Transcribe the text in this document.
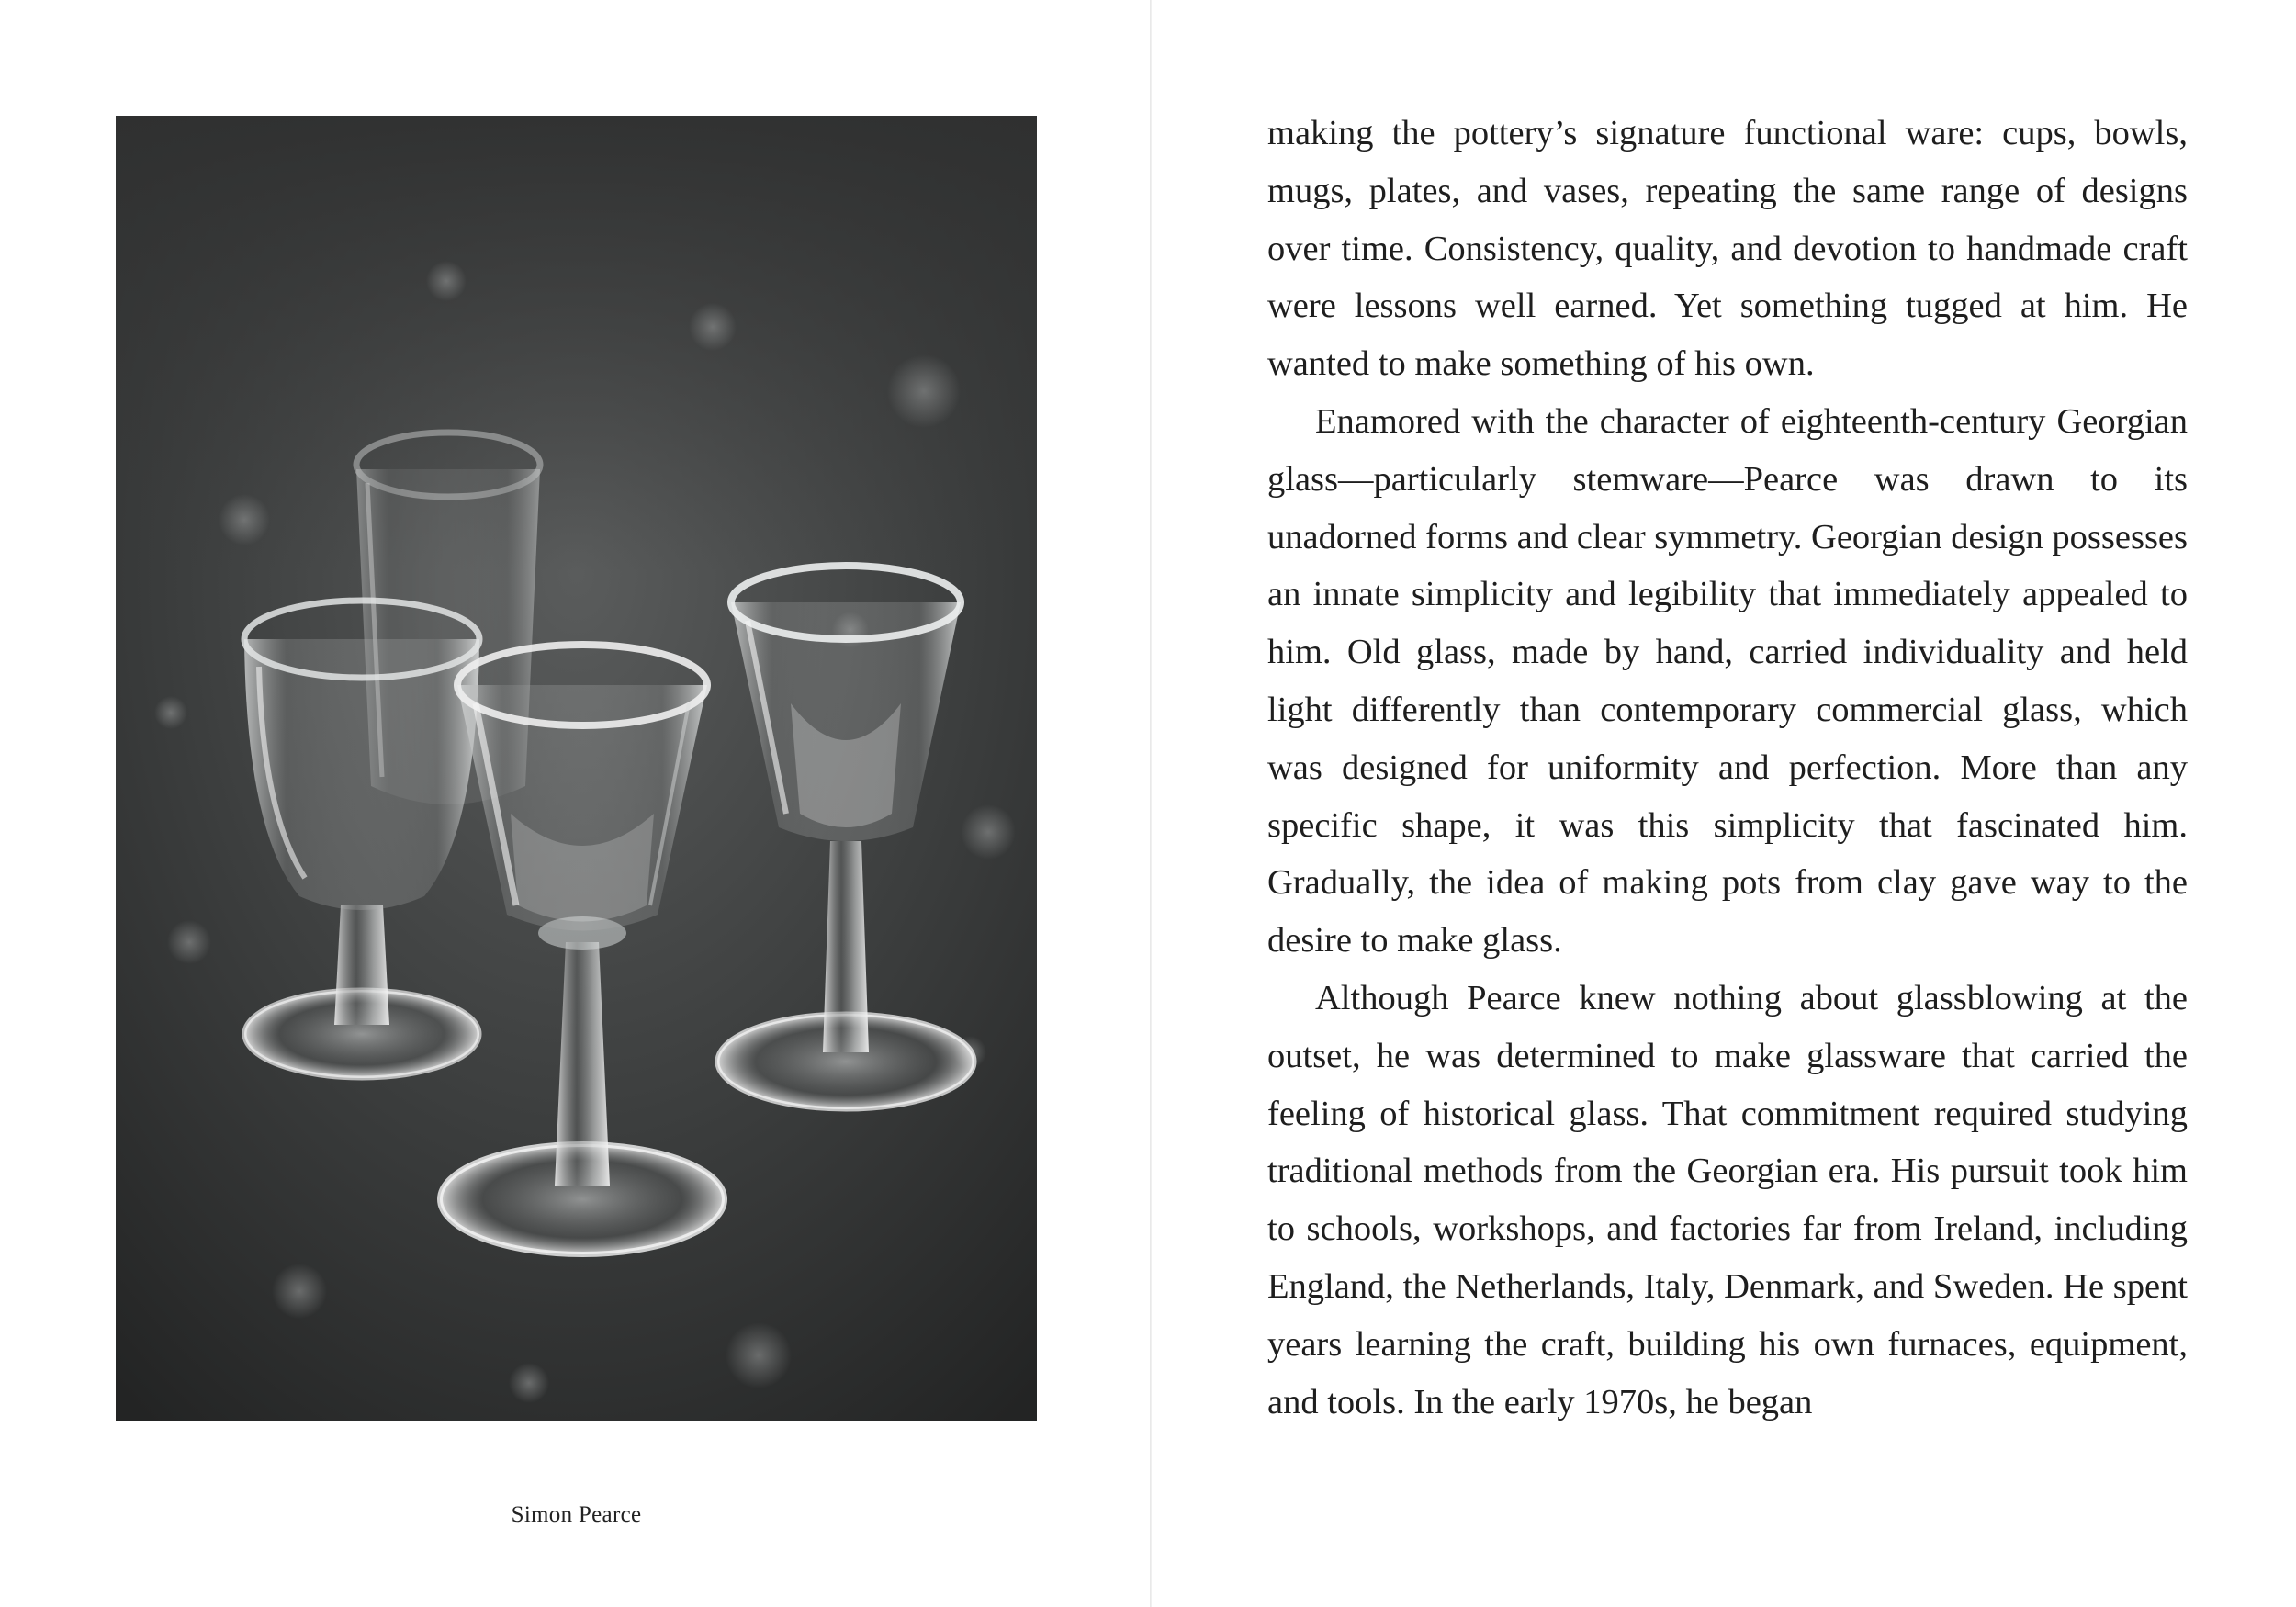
Simon Pearce

making the pottery’s signature functional ware: cups, bowls, mugs, plates, and vases, repeating the same range of designs over time. Consistency, quality, and devotion to handmade craft were lessons well earned. Yet something tugged at him. He wanted to make something of his own.

Enamored with the character of eighteenth-century Georgian glass—particularly stemware—Pearce was drawn to its unadorned forms and clear symmetry. Georgian design possesses an innate simplicity and legibility that immediately appealed to him. Old glass, made by hand, carried individuality and held light differently than contemporary commercial glass, which was designed for uniformity and perfection. More than any specific shape, it was this simplicity that fascinated him. Gradually, the idea of making pots from clay gave way to the desire to make glass.

Although Pearce knew nothing about glassblowing at the outset, he was determined to make glassware that carried the feeling of historical glass. That commitment required studying traditional methods from the Georgian era. His pursuit took him to schools, workshops, and factories far from Ireland, including England, the Netherlands, Italy, Denmark, and Sweden. He spent years learning the craft, building his own furnaces, equipment, and tools. In the early 1970s, he began
